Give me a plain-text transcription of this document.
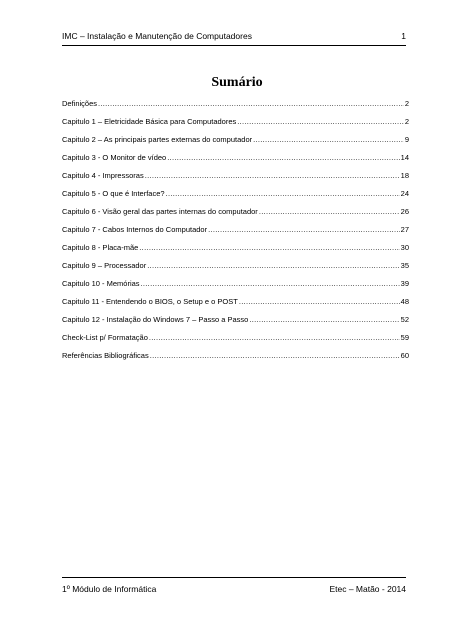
IMC – Instalação e Manutenção de Computadores	1
Sumário
Definições .....	2
Capitulo 1 – Eletricidade Básica para Computadores .....	2
Capitulo 2 – As principais partes externas do computador .....	9
Capitulo 3 - O Monitor de vídeo .....	14
Capitulo 4 - Impressoras .....	18
Capitulo 5 - O que é Interface? .....	24
Capitulo 6 - Visão geral das partes internas do computador .....	26
Capitulo 7 - Cabos Internos do Computador .....	27
Capitulo 8 - Placa-mãe .....	30
Capitulo 9 – Processador .....	35
Capitulo 10 - Memórias .....	39
Capitulo 11 - Entendendo o BIOS, o Setup e o POST .....	48
Capitulo 12 - Instalação do Windows 7 – Passo a Passo .....	52
Check-List p/ Formatação .....	59
Referências Bibliográficas .....	60
1º Módulo de Informática	Etec – Matão - 2014
